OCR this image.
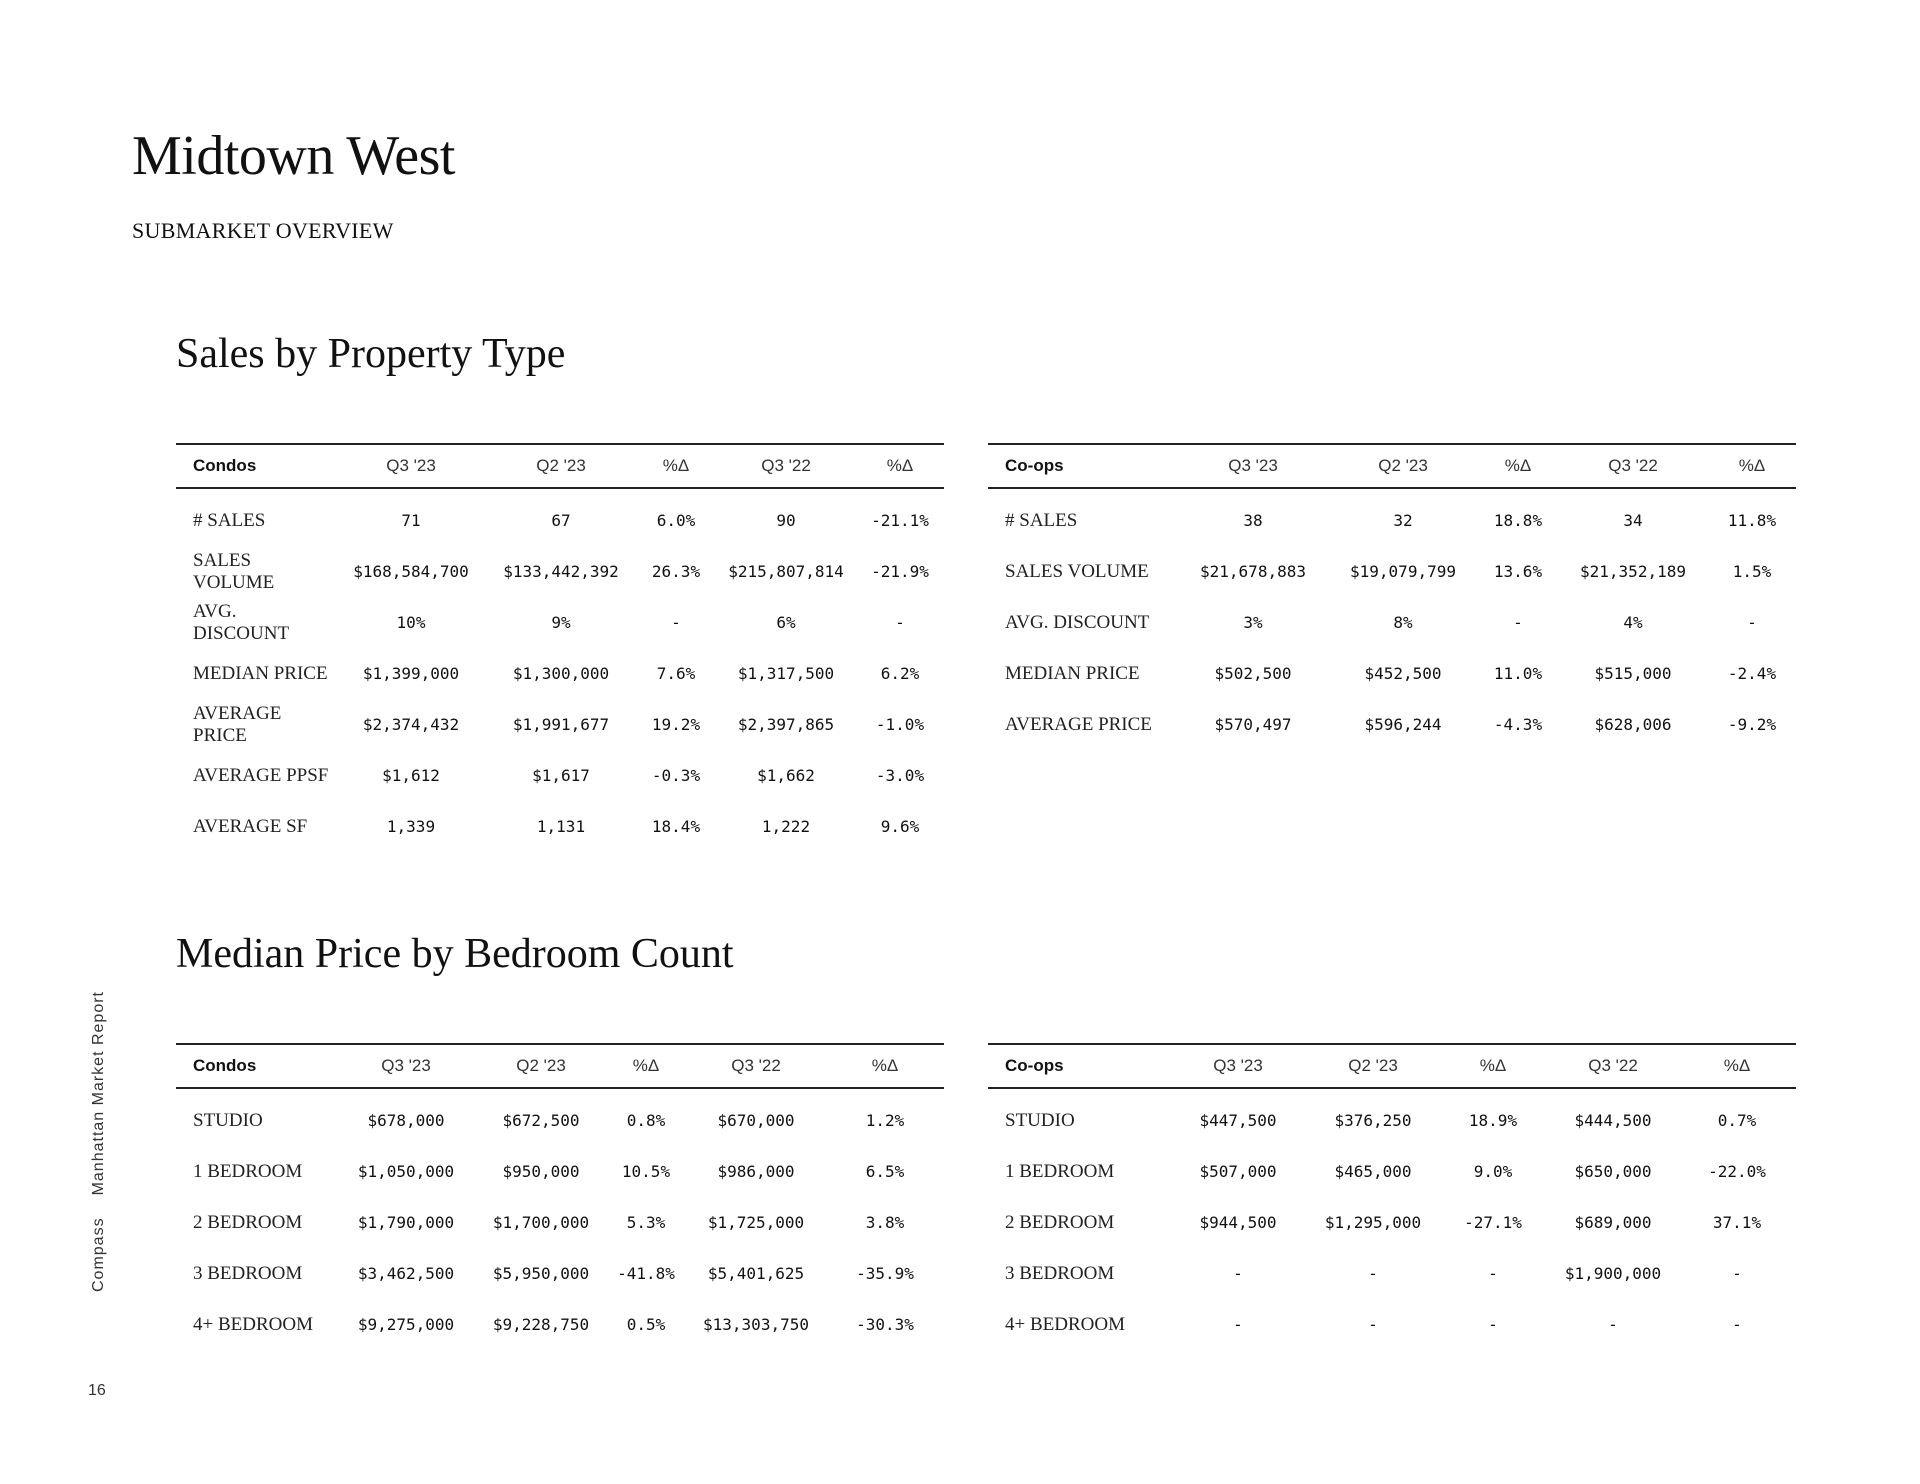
Midtown West
SUBMARKET OVERVIEW
Sales by Property Type
Condos	Q3 '23	Q2 '23	%Δ	Q3 '22	%Δ
# SALES	71	67	6.0%	90	-21.1%
SALES VOLUME	$168,584,700	$133,442,392	26.3%	$215,807,814	-21.9%
AVG. DISCOUNT	10%	9%	-	6%	-
MEDIAN PRICE	$1,399,000	$1,300,000	7.6%	$1,317,500	6.2%
AVERAGE PRICE	$2,374,432	$1,991,677	19.2%	$2,397,865	-1.0%
AVERAGE PPSF	$1,612	$1,617	-0.3%	$1,662	-3.0%
AVERAGE SF	1,339	1,131	18.4%	1,222	9.6%
Co-ops	Q3 '23	Q2 '23	%Δ	Q3 '22	%Δ
# SALES	38	32	18.8%	34	11.8%
SALES VOLUME	$21,678,883	$19,079,799	13.6%	$21,352,189	1.5%
AVG. DISCOUNT	3%	8%	-	4%	-
MEDIAN PRICE	$502,500	$452,500	11.0%	$515,000	-2.4%
AVERAGE PRICE	$570,497	$596,244	-4.3%	$628,006	-9.2%
Median Price by Bedroom Count
Condos	Q3 '23	Q2 '23	%Δ	Q3 '22	%Δ
STUDIO	$678,000	$672,500	0.8%	$670,000	1.2%
1 BEDROOM	$1,050,000	$950,000	10.5%	$986,000	6.5%
2 BEDROOM	$1,790,000	$1,700,000	5.3%	$1,725,000	3.8%
3 BEDROOM	$3,462,500	$5,950,000	-41.8%	$5,401,625	-35.9%
4+ BEDROOM	$9,275,000	$9,228,750	0.5%	$13,303,750	-30.3%
Co-ops	Q3 '23	Q2 '23	%Δ	Q3 '22	%Δ
STUDIO	$447,500	$376,250	18.9%	$444,500	0.7%
1 BEDROOM	$507,000	$465,000	9.0%	$650,000	-22.0%
2 BEDROOM	$944,500	$1,295,000	-27.1%	$689,000	37.1%
3 BEDROOM	-	-	-	$1,900,000	-
4+ BEDROOM	-	-	-	-	-
CompassManhattan Market Report
16
